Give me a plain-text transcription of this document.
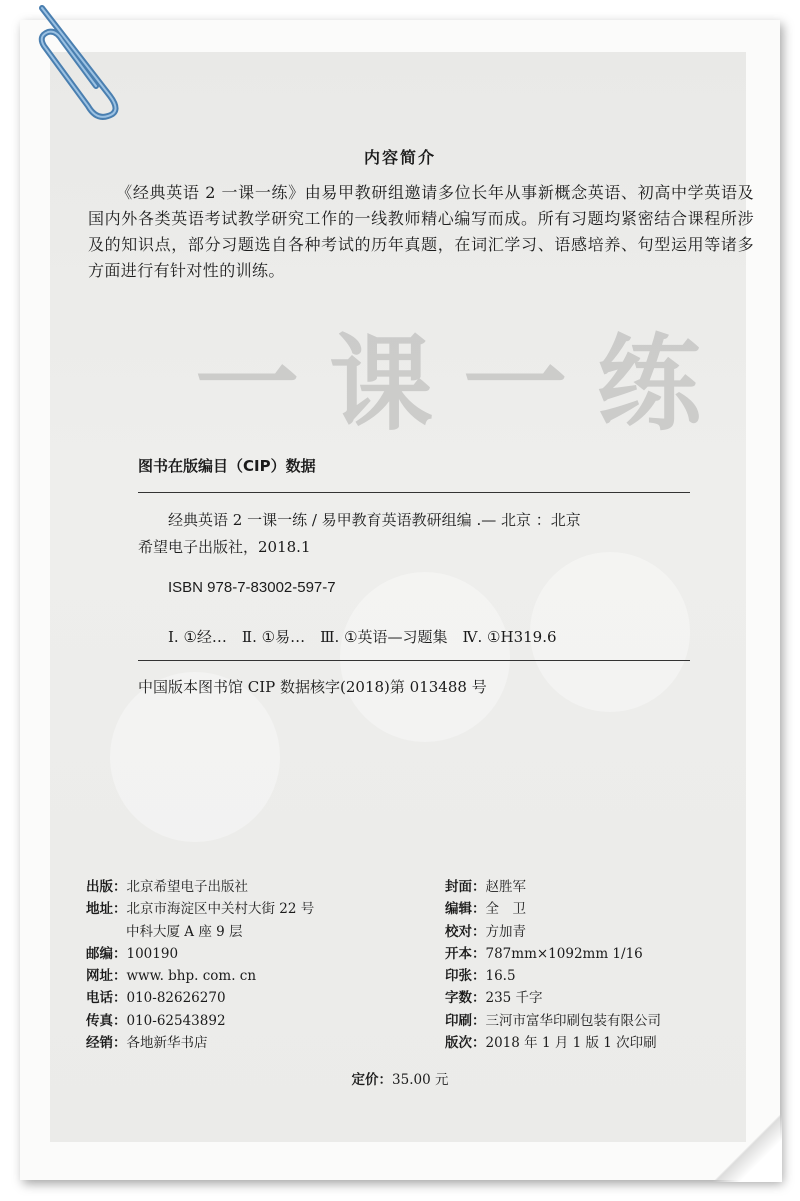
一课一练
内容简介
《经典英语 2 一课一练》由易甲教研组邀请多位长年从事新概念英语、初高中学英语及国内外各类英语考试教学研究工作的一线教师精心编写而成。所有习题均紧密结合课程所涉及的知识点，部分习题选自各种考试的历年真题，在词汇学习、语感培养、句型运用等诸多方面进行有针对性的训练。
图书在版编目（CIP）数据
经典英语 2 一课一练 / 易甲教育英语教研组编 .— 北京 ：北京
希望电子出版社，2018.1
ISBN 978-7-83002-597-7
Ⅰ. ①经…　Ⅱ. ①易…　Ⅲ. ①英语—习题集　Ⅳ. ①H319.6
中国版本图书馆 CIP 数据核字(2018)第 013488 号
出版：北京希望电子出版社
地址：北京市海淀区中关村大街 22 号
中科大厦 A 座 9 层
邮编：100190
网址：www. bhp. com. cn
电话：010-82626270
传真：010-62543892
经销：各地新华书店
封面：赵胜军
编辑：全　卫
校对：方加青
开本：787mm×1092mm 1/16
印张：16.5
字数：235 千字
印刷：三河市富华印刷包装有限公司
版次：2018 年 1 月 1 版 1 次印刷
定价：35.00 元
